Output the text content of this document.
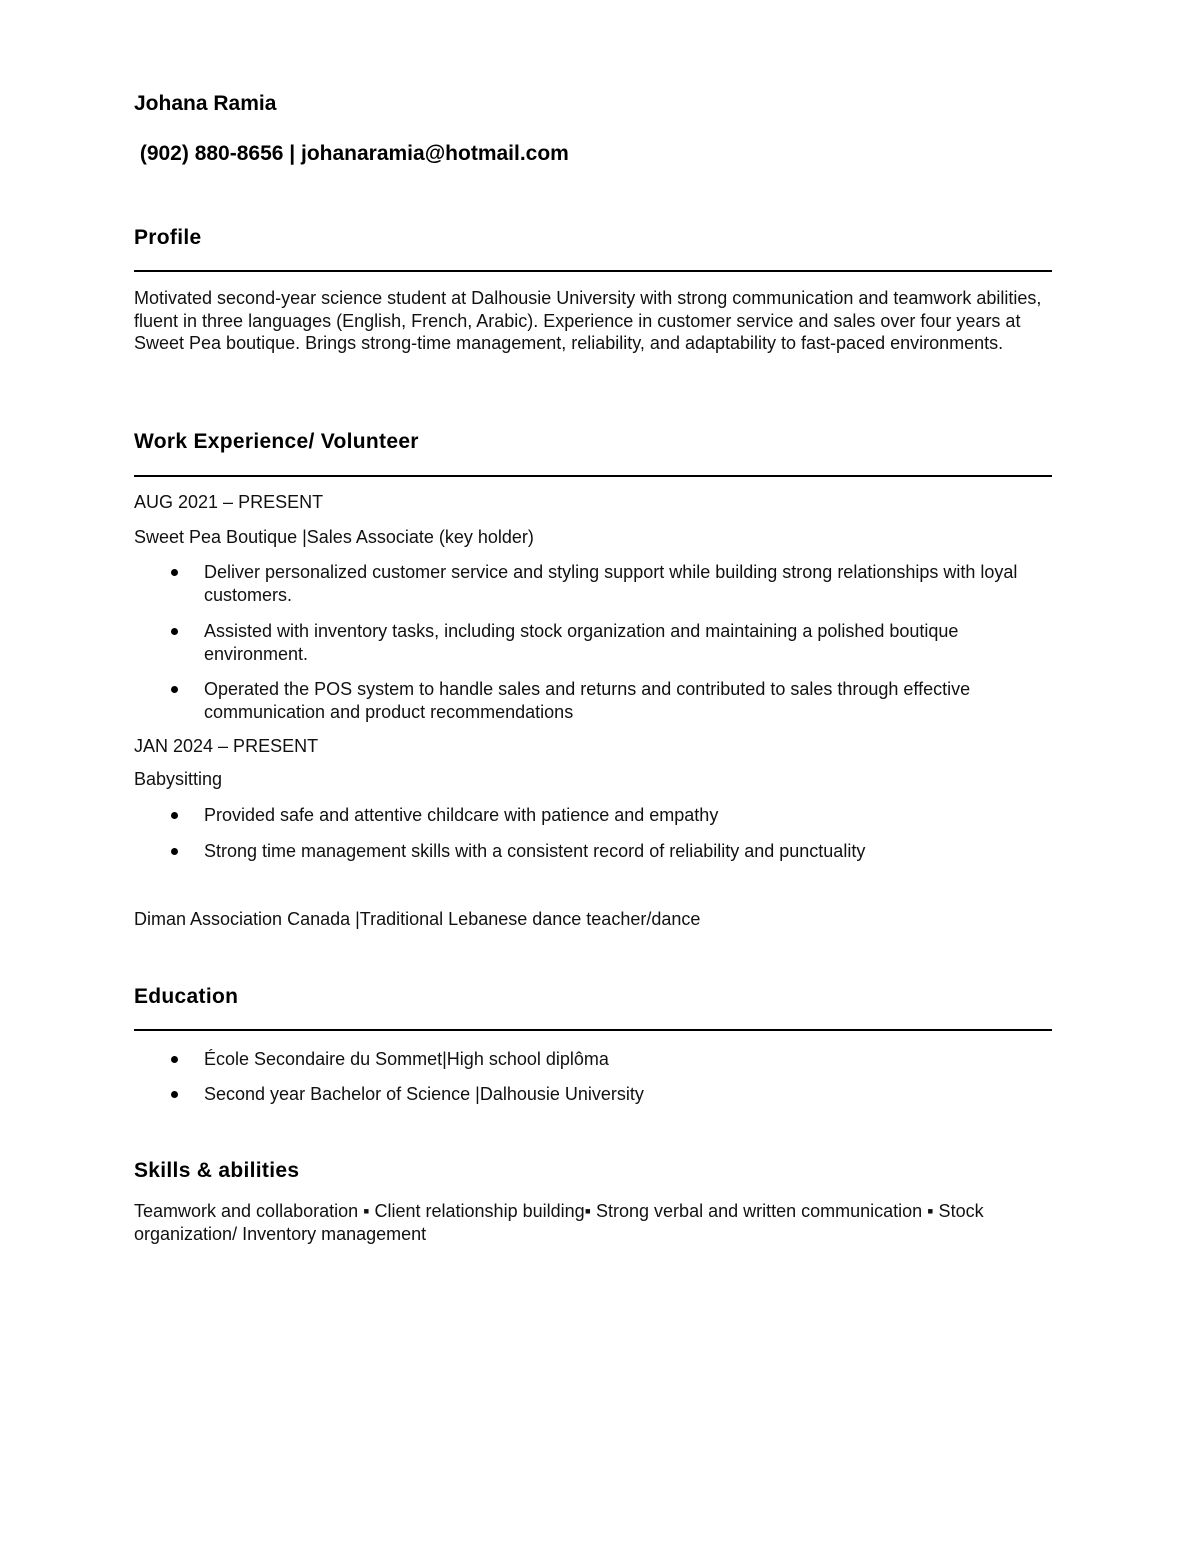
Johana Ramia
(902) 880-8656 | johanaramia@hotmail.com
Profile
Motivated second-year science student at Dalhousie University with strong communication and teamwork abilities, fluent in three languages (English, French, Arabic). Experience in customer service and sales over four years at Sweet Pea boutique. Brings strong-time management, reliability, and adaptability to fast-paced environments.
Work Experience/ Volunteer
AUG 2021 – PRESENT
Sweet Pea Boutique |Sales Associate (key holder)
Deliver personalized customer service and styling support while building strong relationships with loyal customers.
Assisted with inventory tasks, including stock organization and maintaining a polished boutique environment.
Operated the POS system to handle sales and returns and contributed to sales through effective communication and product recommendations
JAN 2024 – PRESENT
Babysitting
Provided safe and attentive childcare with patience and empathy
Strong time management skills with a consistent record of reliability and punctuality
Diman Association Canada |Traditional Lebanese dance teacher/dance
Education
École Secondaire du Sommet|High school diplôma
Second year Bachelor of Science |Dalhousie University
Skills & abilities
Teamwork and collaboration ▪ Client relationship building▪ Strong verbal and written communication ▪ Stock organization/ Inventory management
